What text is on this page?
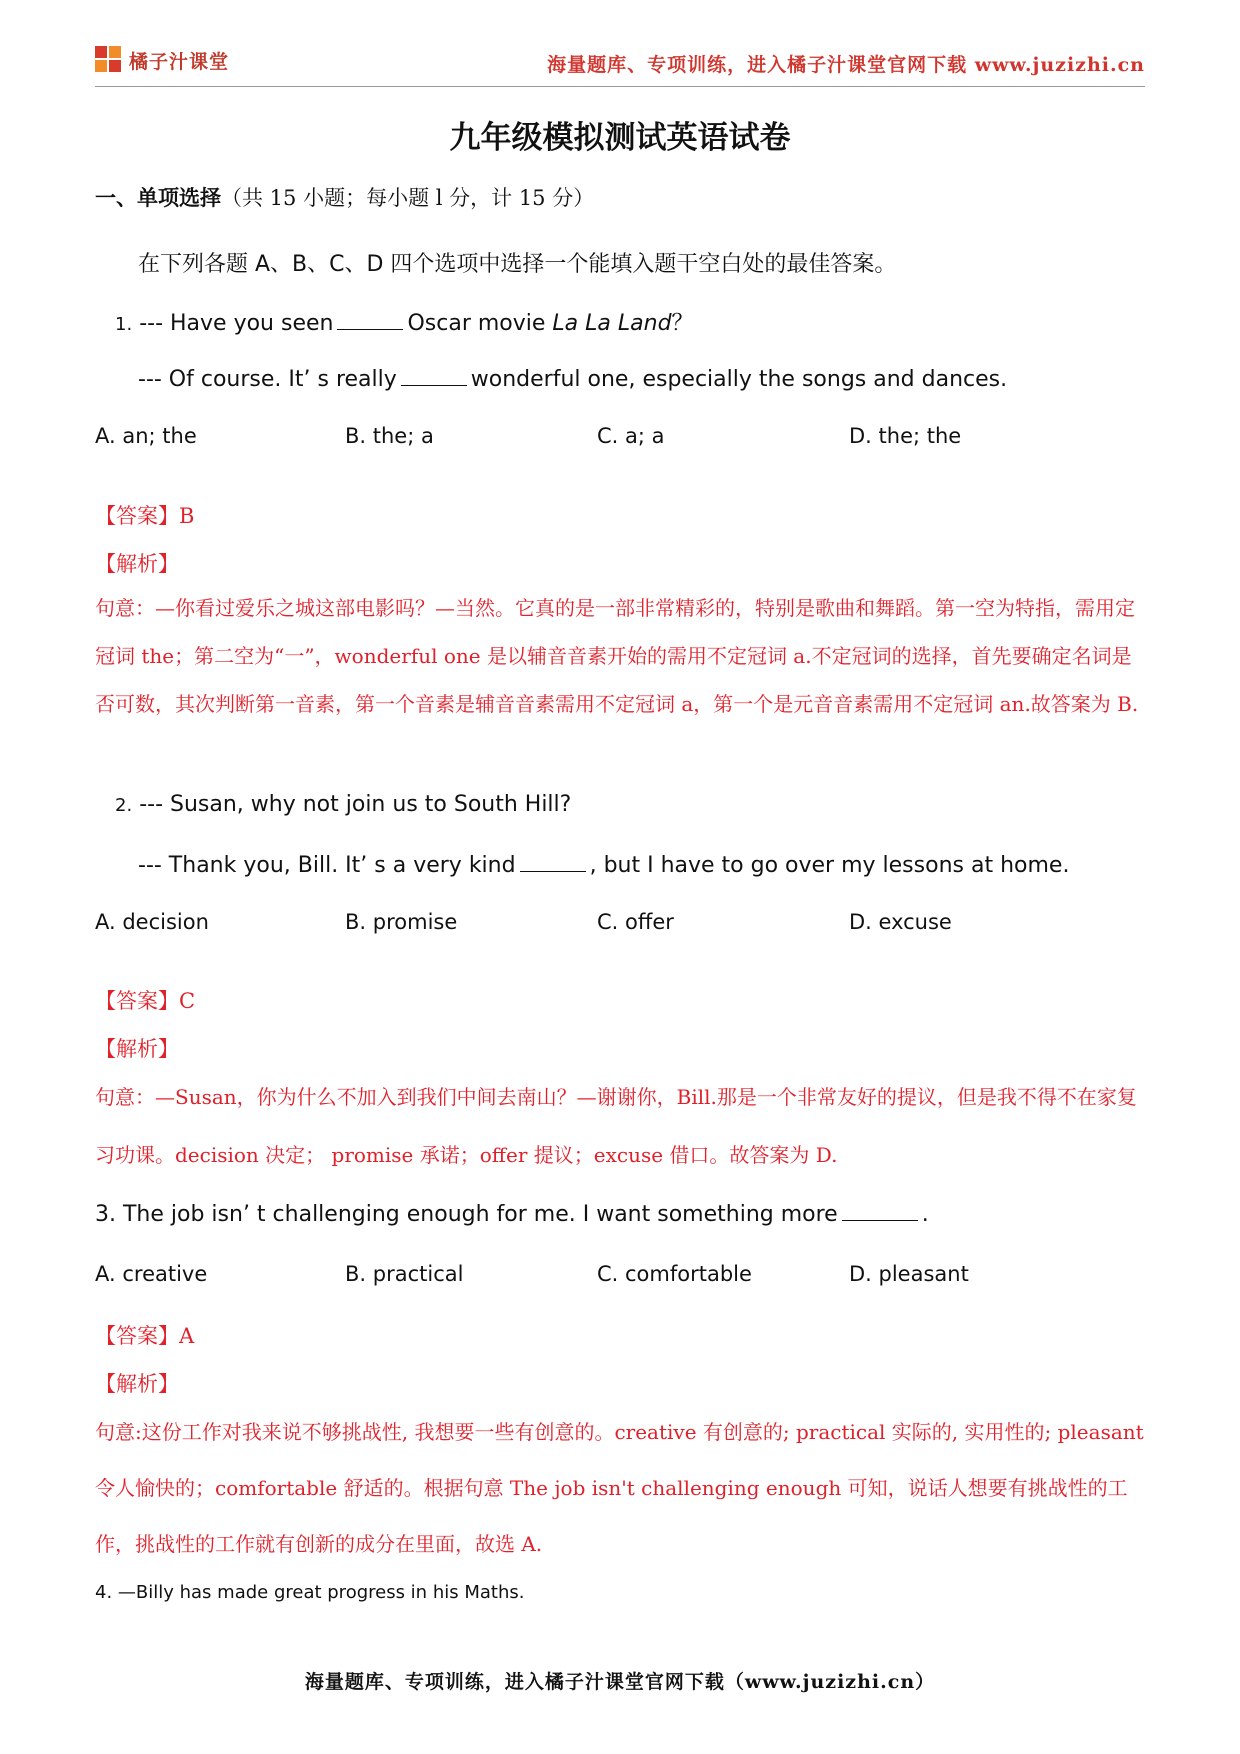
橘子汁课堂	海量题库、专项训练，进入橘子汁课堂官网下载 www.juzizhi.cn
九年级模拟测试英语试卷
一、单项选择（共 15 小题；每小题 l 分，计 15 分）
在下列各题 A、B、C、D 四个选项中选择一个能填入题干空白处的最佳答案。
1. --- Have you seen	Oscar movie La La Land？
--- Of course. It’ s really	wonderful one, especially the songs and dances.
A. an; the	B. the; a	C. a; a	D. the; the
【答案】B
【解析】
句意：—你看过爱乐之城这部电影吗？—当然。它真的是一部非常精彩的，特别是歌曲和舞蹈。第一空为特指，需用定冠词 the；第二空为“一”，wonderful one 是以辅音音素开始的需用不定冠词 a.不定冠词的选择，首先要确定名词是否可数，其次判断第一音素，第一个音素是辅音音素需用不定冠词 a，第一个是元音音素需用不定冠词 an.故答案为 B.
2. --- Susan, why not join us to South Hill?
--- Thank you, Bill. It’ s a very kind	, but I have to go over my lessons at home.
A. decision	B. promise	C. offer	D. excuse
【答案】C
【解析】
句意：—Susan，你为什么不加入到我们中间去南山？—谢谢你，Bill.那是一个非常友好的提议，但是我不得不在家复习功课。decision 决定； promise 承诺；offer 提议；excuse 借口。故答案为 D.
3. The job isn’ t challenging enough for me. I want something more	.
A. creative	B. practical	C. comfortable	D. pleasant
【答案】A
【解析】
句意:这份工作对我来说不够挑战性, 我想要一些有创意的。creative 有创意的; practical 实际的, 实用性的; pleasant 令人愉快的；comfortable 舒适的。根据句意 The job isn't challenging enough 可知，说话人想要有挑战性的工作，挑战性的工作就有创新的成分在里面，故选 A.
4. —Billy has made great progress in his Maths.
海量题库、专项训练，进入橘子汁课堂官网下载（www.juzizhi.cn）
